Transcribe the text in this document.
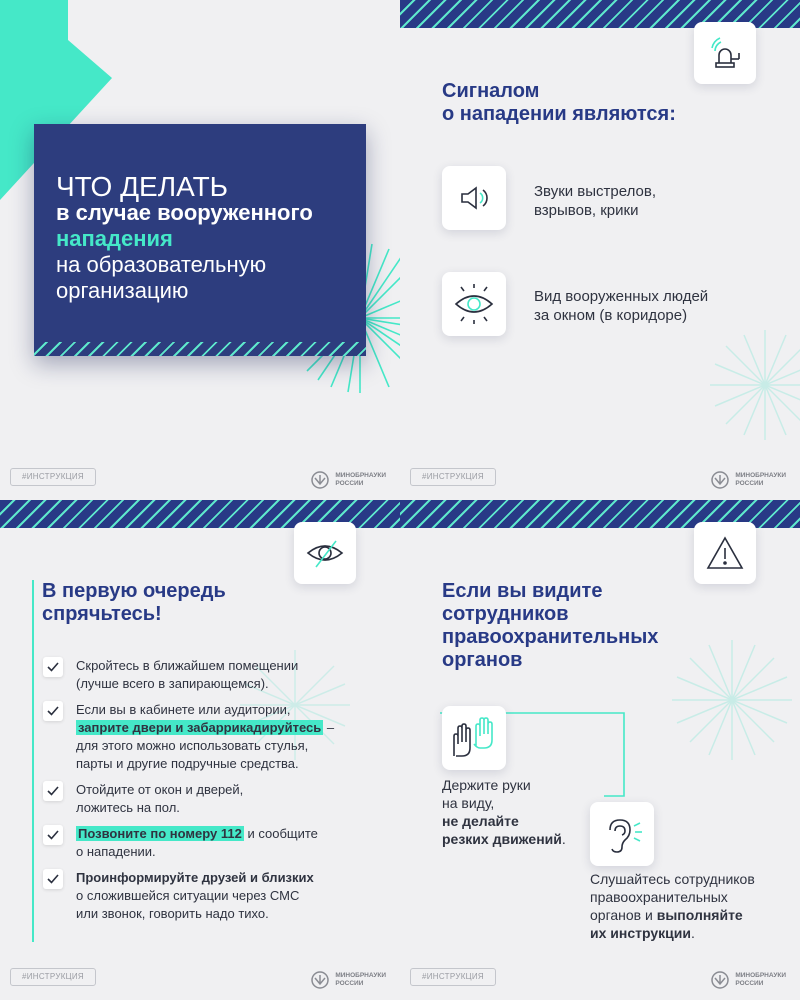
ЧТО ДЕЛАТЬ
в случае вооруженного
нападения
на образовательную
организацию
#ИНСТРУКЦИЯ	МИНОБРНАУКИ
РОССИИ
Сигналом
о нападении являются:
Звуки выстрелов,
взрывов, крики
Вид вооруженных людей
за окном (в коридоре)
#ИНСТРУКЦИЯ	МИНОБРНАУКИ
РОССИИ
В первую очередь
спрячьтесь!
Скройтесь в ближайшем помещении
(лучше всего в запирающемся).
Если вы в кабинете или аудитории,
заприте двери и забаррикадируйтесь –
для этого можно использовать стулья,
парты и другие подручные средства.
Отойдите от окон и дверей,
ложитесь на пол.
Позвоните по номеру 112 и сообщите
о нападении.
Проинформируйте друзей и близких
о сложившейся ситуации через СМС
или звонок, говорить надо тихо.
#ИНСТРУКЦИЯ	МИНОБРНАУКИ
РОССИИ
Если вы видите
сотрудников
правоохранительных
органов
Держите руки
на виду,
не делайте
резких движений.
Слушайтесь сотрудников
правоохранительных
органов и выполняйте
их инструкции.
#ИНСТРУКЦИЯ	МИНОБРНАУКИ
РОССИИ
